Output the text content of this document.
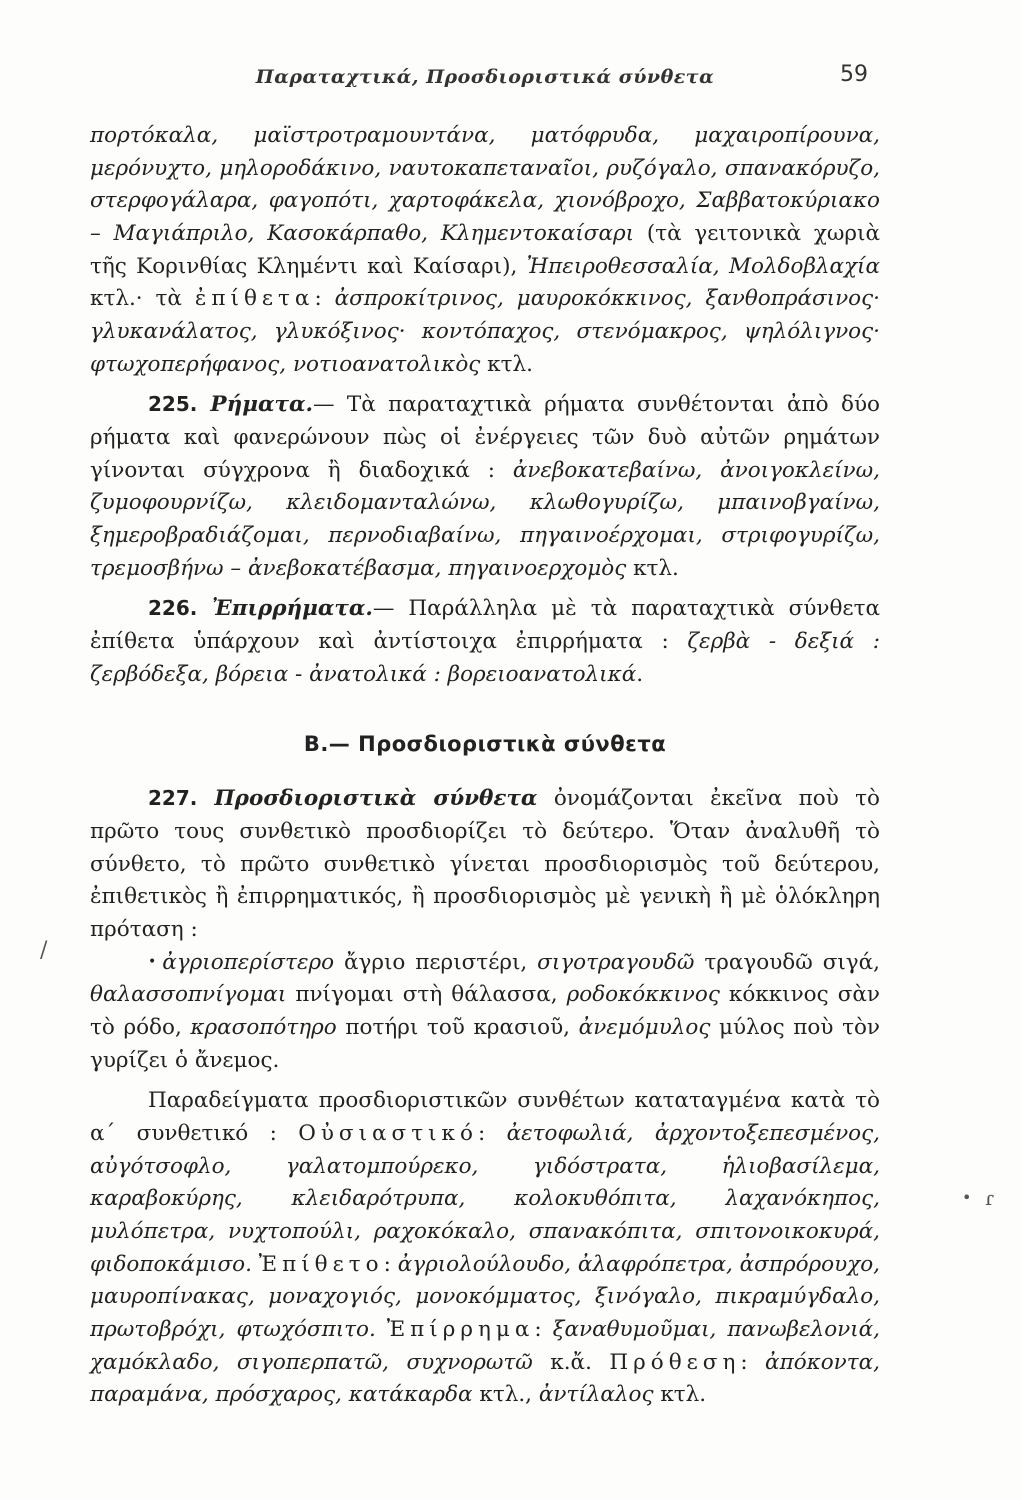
Παραταχτικά, Προσδιοριστικά σύνθετα	59

πορτόκαλα, μαϊστροτραμουντάνα, ματόφρυδα, μαχαιροπίρουνα, μερόνυχτο, μηλοροδάκινο, ναυτοκαπεταναῖοι, ρυζόγαλο, σπανακόρυζο, στερφογάλαρα, φαγοπότι, χαρτοφάκελα, χιονόβροχο, Σαββατοκύριακο – Μαγιάπριλο, Κασοκάρπαθο, Κλημεντοκαίσαρι (τὰ γειτονικὰ χωριὰ τῆς Κορινθίας Κλημέντι καὶ Καίσαρι), Ἠπειροθεσσαλία, Μολδοβλαχία κτλ.· τὰ ἐπίθετα: ἀσπροκίτρινος, μαυροκόκκινος, ξανθοπράσινος· γλυκανάλατος, γλυκόξινος· κοντόπαχος, στενόμακρος, ψηλόλιγνος· φτωχοπερήφανος, νοτιοανατολικὸς κτλ.

225. Ρήματα.— Τὰ παραταχτικὰ ρήματα συνθέτονται ἀπὸ δύο ρήματα καὶ φανερώνουν πὼς οἱ ἐνέργειες τῶν δυὸ αὐτῶν ρημάτων γίνονται σύγχρονα ἢ διαδοχικά : ἀνεβοκατεβαίνω, ἀνοιγοκλείνω, ζυμοφουρνίζω, κλειδομανταλώνω, κλωθογυρίζω, μπαινοβγαίνω, ξημεροβραδιάζομαι, περνοδιαβαίνω, πηγαινοέρχομαι, στριφογυρίζω, τρεμοσβήνω – ἀνεβοκατέβασμα, πηγαινοερχομὸς κτλ.

226. Ἐπιρρήματα.— Παράλληλα μὲ τὰ παραταχτικὰ σύνθετα ἐπίθετα ὑπάρχουν καὶ ἀντίστοιχα ἐπιρρήματα : ζερβὰ - δεξιά : ζερβόδεξα, βόρεια - ἀνατολικά : βορειοανατολικά.

Β.— Προσδιοριστικὰ σύνθετα

227. Προσδιοριστικὰ σύνθετα ὀνομάζονται ἐκεῖνα ποὺ τὸ πρῶτο τους συνθετικὸ προσδιορίζει τὸ δεύτερο. Ὅταν ἀναλυθῆ τὸ σύνθετο, τὸ πρῶτο συνθετικὸ γίνεται προσδιορισμὸς τοῦ δεύτερου, ἐπιθετικὸς ἢ ἐπιρρηματικός, ἢ προσδιορισμὸς μὲ γενικὴ ἢ μὲ ὁλόκληρη πρόταση :

• ἀγριοπερίστερο ἄγριο περιστέρι, σιγοτραγουδῶ τραγουδῶ σιγά, θαλασσοπνίγομαι πνίγομαι στὴ θάλασσα, ροδοκόκκινος κόκκινος σὰν τὸ ρόδο, κρασοπότηρο ποτήρι τοῦ κρασιοῦ, ἀνεμόμυλος μύλος ποὺ τὸν γυρίζει ὁ ἄνεμος.

Παραδείγματα προσδιοριστικῶν συνθέτων καταταγμένα κατὰ τὸ α΄ συνθετικό : Οὐσιαστικό: ἀετοφωλιά, ἀρχοντοξεπεσμένος, αὐγότσοφλο, γαλατομπούρεκο, γιδόστρατα, ἡλιοβασίλεμα, καραβοκύρης, κλειδαρότρυπα, κολοκυθόπιτα, λαχανόκηπος, μυλόπετρα, νυχτοπούλι, ραχοκόκαλο, σπανακόπιτα, σπιτονοικοκυρά, φιδοποκάμισο. Ἐπίθετο: ἀγριολούλουδο, ἀλαφρόπετρα, ἀσπρόρουχο, μαυροπίνακας, μοναχογιός, μονοκόμματος, ξινόγαλο, πικραμύγδαλο, πρωτοβρόχι, φτωχόσπιτο. Ἐπίρρημα: ξαναθυμοῦμαι, πανωβελονιά, χαμόκλαδο, σιγοπερπατῶ, συχνορωτῶ κ.ἄ. Πρόθεση: ἀπόκοντα, παραμάνα, πρόσχαρος, κατάκαρδα κτλ., ἀντίλαλος κτλ.

/
• ɾ
